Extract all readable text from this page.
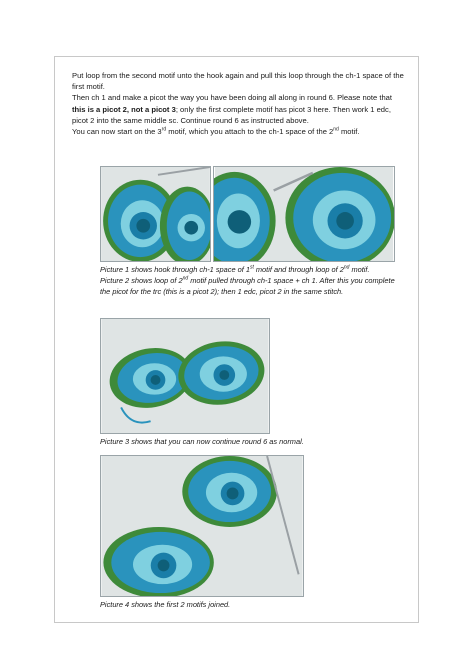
Put loop from the second motif unto the hook again and pull this loop through the ch-1 space of the first motif.

Then ch 1 and make a picot the way you have been doing all along in round 6. Please note that this is a picot 2, not a picot 3; only the first complete motif has picot 3 here. Then work 1 edc, picot 2 into the same middle sc. Continue round 6 as instructed above.

You can now start on the 3rd motif, which you attach to the ch-1 space of the 2nd motif.

Picture 1 shows hook through ch-1 space of 1st motif and through loop of 2nd motif.
Picture 2 shows loop of 2nd motif pulled through ch-1 space + ch 1. After this you complete the picot for the trc (this is a picot 2); then 1 edc, picot 2 in the same stitch.
Picture 3 shows that you can now continue round 6 as normal.
Picture 4 shows the first 2 motifs joined.
